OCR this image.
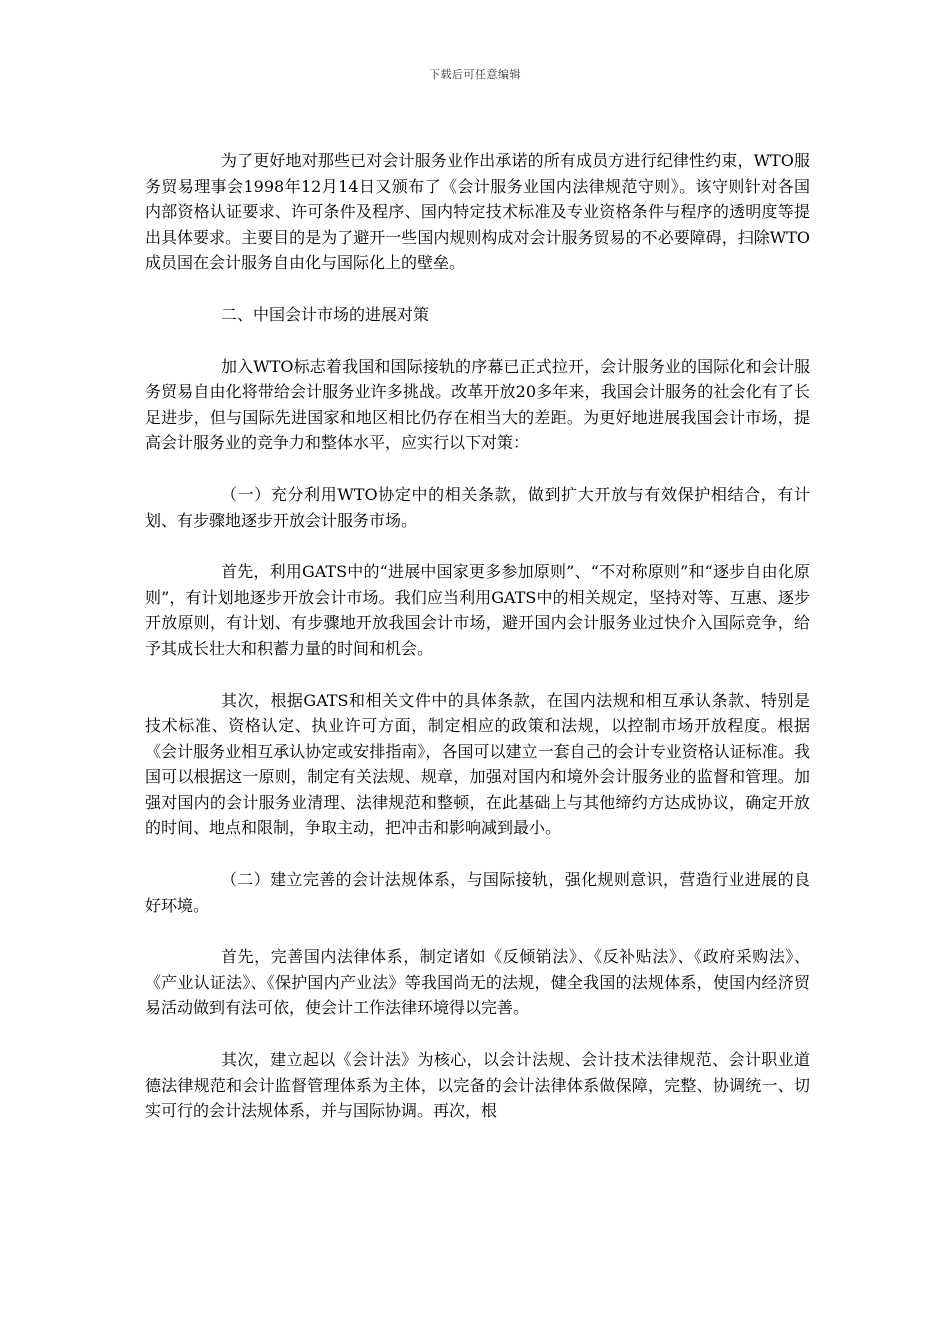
下载后可任意编辑

为了更好地对那些已对会计服务业作出承诺的所有成员方进行纪律性约束，WTO服务贸易理事会1998年12月14日又颁布了《会计服务业国内法律规范守则》。该守则针对各国内部资格认证要求、许可条件及程序、国内特定技术标准及专业资格条件与程序的透明度等提出具体要求。主要目的是为了避开一些国内规则构成对会计服务贸易的不必要障碍，扫除WTO成员国在会计服务自由化与国际化上的壁垒。

二、中国会计市场的进展对策

加入WTO标志着我国和国际接轨的序幕已正式拉开，会计服务业的国际化和会计服务贸易自由化将带给会计服务业许多挑战。改革开放20多年来，我国会计服务的社会化有了长足进步，但与国际先进国家和地区相比仍存在相当大的差距。为更好地进展我国会计市场，提高会计服务业的竞争力和整体水平，应实行以下对策：

（一）充分利用WTO协定中的相关条款，做到扩大开放与有效保护相结合，有计划、有步骤地逐步开放会计服务市场。

首先，利用GATS中的“进展中国家更多参加原则”、“不对称原则”和“逐步自由化原则”，有计划地逐步开放会计市场。我们应当利用GATS中的相关规定，坚持对等、互惠、逐步开放原则，有计划、有步骤地开放我国会计市场，避开国内会计服务业过快介入国际竞争，给予其成长壮大和积蓄力量的时间和机会。

其次，根据GATS和相关文件中的具体条款，在国内法规和相互承认条款、特别是技术标准、资格认定、执业许可方面，制定相应的政策和法规，以控制市场开放程度。根据《会计服务业相互承认协定或安排指南》，各国可以建立一套自己的会计专业资格认证标准。我国可以根据这一原则，制定有关法规、规章，加强对国内和境外会计服务业的监督和管理。加强对国内的会计服务业清理、法律规范和整顿，在此基础上与其他缔约方达成协议，确定开放的时间、地点和限制，争取主动，把冲击和影响减到最小。

（二）建立完善的会计法规体系，与国际接轨，强化规则意识，营造行业进展的良好环境。

首先，完善国内法律体系，制定诸如《反倾销法》、《反补贴法》、《政府采购法》、《产业认证法》、《保护国内产业法》等我国尚无的法规，健全我国的法规体系，使国内经济贸易活动做到有法可依，使会计工作法律环境得以完善。

其次，建立起以《会计法》为核心，以会计法规、会计技术法律规范、会计职业道德法律规范和会计监督管理体系为主体，以完备的会计法律体系做保障，完整、协调统一、切实可行的会计法规体系，并与国际协调。再次，根
